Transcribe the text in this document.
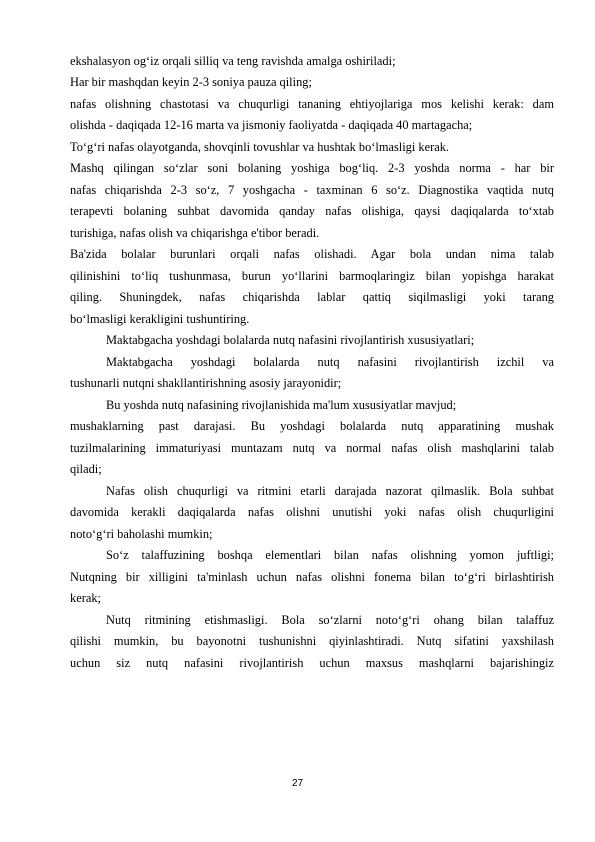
ekshalasyon og‘iz orqali silliq va teng ravishda amalga oshiriladi;
Har bir mashqdan keyin 2-3 soniya pauza qiling;
nafas olishning chastotasi va chuqurligi tananing ehtiyojlariga mos kelishi kerak: dam
olishda - daqiqada 12-16 marta va jismoniy faoliyatda - daqiqada 40 martagacha;
To‘g‘ri nafas olayotganda, shovqinli tovushlar va hushtak bo‘lmasligi kerak.
Mashq qilingan so‘zlar soni bolaning yoshiga bog‘liq. 2-3 yoshda norma - har bir
nafas chiqarishda 2-3 so‘z, 7 yoshgacha - taxminan 6 so‘z. Diagnostika vaqtida nutq
terapevti bolaning suhbat davomida qanday nafas olishiga, qaysi daqiqalarda to‘xtab
turishiga, nafas olish va chiqarishga e'tibor beradi.
Ba'zida bolalar burunlari orqali nafas olishadi. Agar bola undan nima talab
qilinishini to‘liq tushunmasa, burun yo‘llarini barmoqlaringiz bilan yopishga harakat
qiling. Shuningdek, nafas chiqarishda lablar qattiq siqilmasligi yoki tarang
bo‘lmasligi kerakligini tushuntiring.
Maktabgacha yoshdagi bolalarda nutq nafasini rivojlantirish xususiyatlari;
Maktabgacha yoshdagi bolalarda nutq nafasini rivojlantirish izchil va
tushunarli nutqni shakllantirishning asosiy jarayonidir;
Bu yoshda nutq nafasining rivojlanishida ma'lum xususiyatlar mavjud;
mushaklarning past darajasi. Bu yoshdagi bolalarda nutq apparatining mushak
tuzilmalarining immaturiyasi muntazam nutq va normal nafas olish mashqlarini talab
qiladi;
Nafas olish chuqurligi va ritmini etarli darajada nazorat qilmaslik. Bola suhbat
davomida kerakli daqiqalarda nafas olishni unutishi yoki nafas olish chuqurligini
noto‘g‘ri baholashi mumkin;
So‘z talaffuzining boshqa elementlari bilan nafas olishning yomon juftligi;
Nutqning bir xilligini ta'minlash uchun nafas olishni fonema bilan to‘g‘ri birlashtirish
kerak;
Nutq ritmining etishmasligi. Bola so‘zlarni noto‘g‘ri ohang bilan talaffuz
qilishi mumkin, bu bayonotni tushunishni qiyinlashtiradi. Nutq sifatini yaxshilash
uchun siz nutq nafasini rivojlantirish uchun maxsus mashqlarni bajarishingiz
27
